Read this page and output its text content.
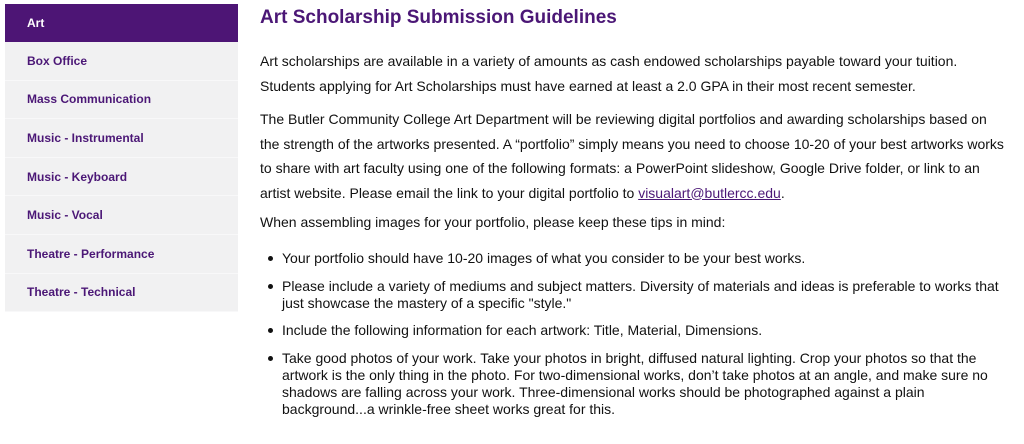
Art
Box Office
Mass Communication
Music - Instrumental
Music - Keyboard
Music - Vocal
Theatre - Performance
Theatre - Technical
Art Scholarship Submission Guidelines

Art scholarships are available in a variety of amounts as cash endowed scholarships payable toward your tuition. Students applying for Art Scholarships must have earned at least a 2.0 GPA in their most recent semester.

The Butler Community College Art Department will be reviewing digital portfolios and awarding scholarships based on the strength of the artworks presented. A “portfolio” simply means you need to choose 10-20 of your best artworks works to share with art faculty using one of the following formats: a PowerPoint slideshow, Google Drive folder, or link to an artist website. Please email the link to your digital portfolio to visualart@butlercc.edu.

When assembling images for your portfolio, please keep these tips in mind:

Your portfolio should have 10-20 images of what you consider to be your best works.
Please include a variety of mediums and subject matters. Diversity of materials and ideas is preferable to works that just showcase the mastery of a specific "style."
Include the following information for each artwork: Title, Material, Dimensions.
Take good photos of your work. Take your photos in bright, diffused natural lighting. Crop your photos so that the artwork is the only thing in the photo. For two-dimensional works, don’t take photos at an angle, and make sure no shadows are falling across your work. Three-dimensional works should be photographed against a plain background...a wrinkle-free sheet works great for this.
